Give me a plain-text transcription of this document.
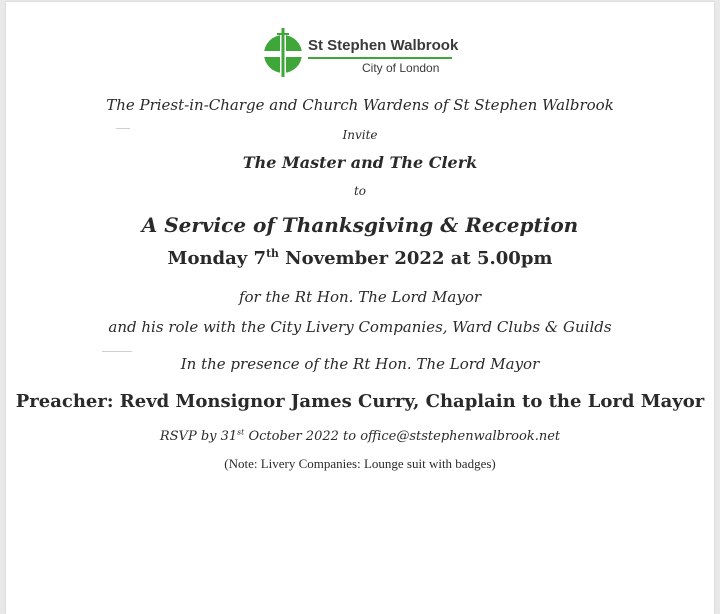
St Stephen Walbrook
City of London
The Priest-in-Charge and Church Wardens of St Stephen Walbrook
Invite
The Master and The Clerk
to
A Service of Thanksgiving & Reception
Monday 7th November 2022 at 5.00pm
for the Rt Hon. The Lord Mayor
and his role with the City Livery Companies, Ward Clubs & Guilds
In the presence of the Rt Hon. The Lord Mayor
Preacher: Revd Monsignor James Curry, Chaplain to the Lord Mayor
RSVP by 31st October 2022 to office@ststephenwalbrook.net
(Note: Livery Companies: Lounge suit with badges)
